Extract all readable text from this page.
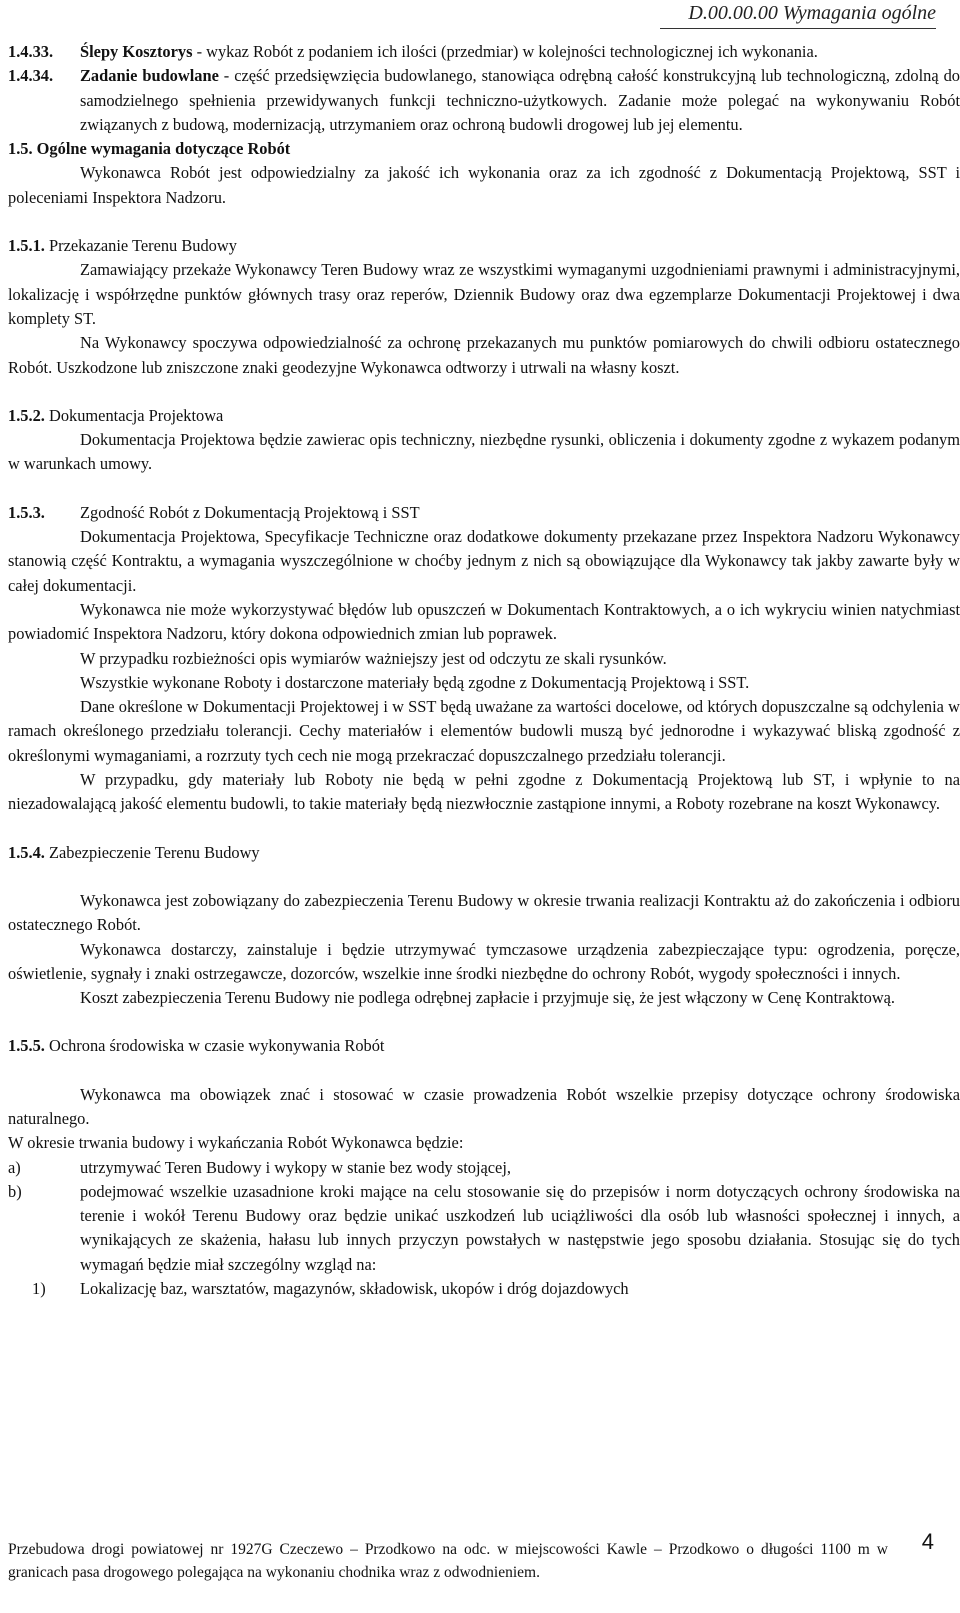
D.00.00.00 Wymagania ogólne
1.4.33.	Ślepy Kosztorys - wykaz Robót z podaniem ich ilości (przedmiar) w kolejności technologicznej ich wykonania.
1.4.34.	Zadanie budowlane - część przedsięwzięcia budowlanego, stanowiąca odrębną całość konstrukcyjną lub technologiczną, zdolną do samodzielnego spełnienia przewidywanych funkcji techniczno-użytkowych. Zadanie może polegać na wykonywaniu Robót związanych z budową, modernizacją, utrzymaniem oraz ochroną budowli drogowej lub jej elementu.

1.5. Ogólne wymagania dotyczące Robót

Wykonawca Robót jest odpowiedzialny za jakość ich wykonania oraz za ich zgodność z Dokumentacją Projektową, SST i poleceniami Inspektora Nadzoru.

1.5.1.
Przekazanie Terenu Budowy

Zamawiający przekaże Wykonawcy Teren Budowy wraz ze wszystkimi wymaganymi uzgodnieniami prawnymi i administracyjnymi, lokalizację i współrzędne punktów głównych trasy oraz reperów, Dziennik Budowy oraz dwa egzemplarze Dokumentacji Projektowej i dwa komplety ST.

Na Wykonawcy spoczywa odpowiedzialność za ochronę przekazanych mu punktów pomiarowych do chwili odbioru ostatecznego Robót. Uszkodzone lub zniszczone znaki geodezyjne Wykonawca odtworzy i utrwali na własny koszt.

1.5.2.
Dokumentacja Projektowa

Dokumentacja Projektowa będzie zawierac opis techniczny, niezbędne rysunki, obliczenia i dokumenty zgodne z wykazem podanym w warunkach umowy.

1.5.3.	Zgodność Robót z Dokumentacją Projektową i SST

Dokumentacja Projektowa, Specyfikacje Techniczne oraz dodatkowe dokumenty przekazane przez Inspektora Nadzoru Wykonawcy stanowią część Kontraktu, a wymagania wyszczególnione w choćby jednym z nich są obowiązujące dla Wykonawcy tak jakby zawarte były w całej dokumentacji.

Wykonawca nie może wykorzystywać błędów lub opuszczeń w Dokumentach Kontraktowych, a o ich wykryciu winien natychmiast powiadomić Inspektora Nadzoru, który dokona odpowiednich zmian lub poprawek.

W przypadku rozbieżności opis wymiarów ważniejszy jest od odczytu ze skali rysunków.

Wszystkie wykonane Roboty i dostarczone materiały będą zgodne z Dokumentacją Projektową i SST.

Dane określone w Dokumentacji Projektowej i w SST będą uważane za wartości docelowe, od których dopuszczalne są odchylenia w ramach określonego przedziału tolerancji. Cechy materiałów i elementów budowli muszą być jednorodne i wykazywać bliską zgodność z określonymi wymaganiami, a rozrzuty tych cech nie mogą przekraczać dopuszczalnego przedziału tolerancji.

W przypadku, gdy materiały lub Roboty nie będą w pełni zgodne z Dokumentacją Projektową lub ST, i wpłynie to na niezadowalającą jakość elementu budowli, to takie materiały będą niezwłocznie zastąpione innymi, a Roboty rozebrane na koszt Wykonawcy.

1.5.4.
Zabezpieczenie Terenu Budowy

Wykonawca jest zobowiązany do zabezpieczenia Terenu Budowy w okresie trwania realizacji Kontraktu aż do zakończenia i odbioru ostatecznego Robót.

Wykonawca dostarczy, zainstaluje i będzie utrzymywać tymczasowe urządzenia zabezpieczające typu: ogrodzenia, poręcze, oświetlenie, sygnały i znaki ostrzegawcze, dozorców, wszelkie inne środki niezbędne do ochrony Robót, wygody społeczności i innych.

Koszt zabezpieczenia Terenu Budowy nie podlega odrębnej zapłacie i przyjmuje się, że jest włączony w Cenę Kontraktową.

1.5.5.
Ochrona środowiska w czasie wykonywania Robót

Wykonawca ma obowiązek znać i stosować w czasie prowadzenia Robót wszelkie przepisy dotyczące ochrony środowiska naturalnego.

W okresie trwania budowy i wykańczania Robót Wykonawca będzie:

a)	utrzymywać Teren Budowy i wykopy w stanie bez wody stojącej,
b)	podejmować wszelkie uzasadnione kroki mające na celu stosowanie się do przepisów i norm dotyczących ochrony środowiska na terenie i wokół Terenu Budowy oraz będzie unikać uszkodzeń lub uciążliwości dla osób lub własności społecznej i innych, a wynikających ze skażenia, hałasu lub innych przyczyn powstałych w następstwie jego sposobu działania. Stosując się do tych wymagań będzie miał szczególny wzgląd na:
1)	Lokalizację baz, warsztatów, magazynów, składowisk, ukopów i dróg dojazdowych
Przebudowa drogi powiatowej nr 1927G Czeczewo – Przodkowo na odc. w miejscowości Kawle – Przodkowo o długości 1100 m w granicach pasa drogowego polegająca na wykonaniu chodnika wraz z odwodnieniem.
4
